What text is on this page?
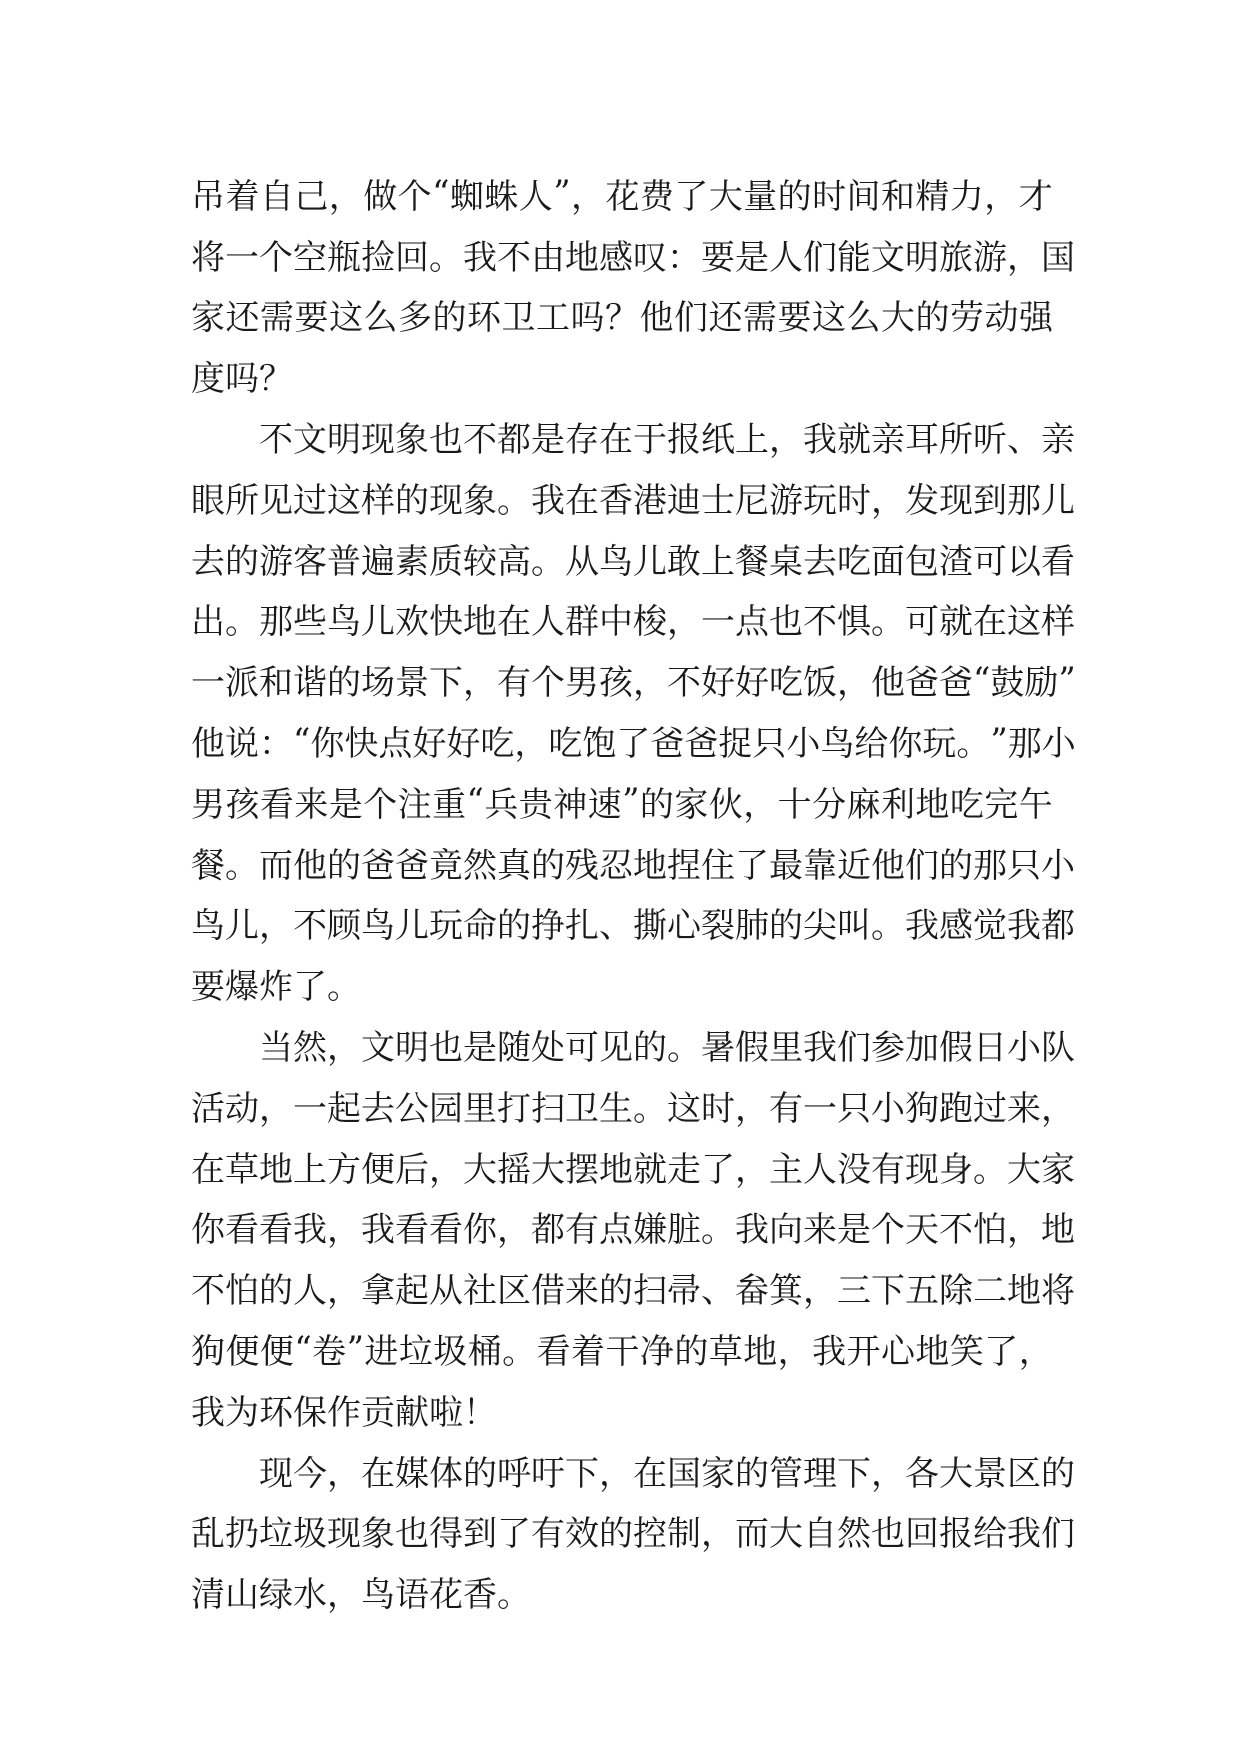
吊 着 自 己 ， 做 个 “ 蜘 蛛 人 ” ， 花 费 了 大 量 的 时 间 和 精 力 ， 才
将 一 个 空 瓶 捡 回 。 我 不 由 地 感 叹 ： 要 是 人 们 能 文 明 旅 游 ， 国
家 还 需 要 这 么 多 的 环 卫 工 吗 ？ 他 们 还 需 要 这 么 大 的 劳 动 强
度吗？
不 文 明 现 象 也 不 都 是 存 在 于 报 纸 上 ， 我 就 亲 耳 所 听 、 亲
眼 所 见 过 这 样 的 现 象 。 我 在 香 港 迪 士 尼 游 玩 时 ， 发 现 到 那 儿
去 的 游 客 普 遍 素 质 较 高 。 从 鸟 儿 敢 上 餐 桌 去 吃 面 包 渣 可 以 看
出 。 那 些 鸟 儿 欢 快 地 在 人 群 中 梭 ， 一 点 也 不 惧 。 可 就 在 这 样
一 派 和 谐 的 场 景 下 ， 有 个 男 孩 ， 不 好 好 吃 饭 ， 他 爸 爸 “ 鼓 励 ”
他 说 ： “ 你 快 点 好 好 吃 ， 吃 饱 了 爸 爸 捉 只 小 鸟 给 你 玩 。 ” 那 小
男 孩 看 来 是 个 注 重 “ 兵 贵 神 速 ” 的 家 伙 ， 十 分 麻 利 地 吃 完 午
餐 。 而 他 的 爸 爸 竟 然 真 的 残 忍 地 捏 住 了 最 靠 近 他 们 的 那 只 小
鸟 儿 ， 不 顾 鸟 儿 玩 命 的 挣 扎 、 撕 心 裂 肺 的 尖 叫 。 我 感 觉 我 都
要爆炸了。
当 然 ， 文 明 也 是 随 处 可 见 的 。 暑 假 里 我 们 参 加 假 日 小 队
活 动 ， 一 起 去 公 园 里 打 扫 卫 生 。 这 时 ， 有 一 只 小 狗 跑 过 来 ，
在 草 地 上 方 便 后 ， 大 摇 大 摆 地 就 走 了 ， 主 人 没 有 现 身 。 大 家
你 看 看 我 ， 我 看 看 你 ， 都 有 点 嫌 脏 。 我 向 来 是 个 天 不 怕 ， 地
不 怕 的 人 ， 拿 起 从 社 区 借 来 的 扫 帚 、 畚 箕 ， 三 下 五 除 二 地 将
狗 便 便 “ 卷 ” 进 垃 圾 桶 。 看 着 干 净 的 草 地 ， 我 开 心 地 笑 了 ，
我为环保作贡献啦！
现 今 ， 在 媒 体 的 呼 吁 下 ， 在 国 家 的 管 理 下 ， 各 大 景 区 的
乱 扔 垃 圾 现 象 也 得 到 了 有 效 的 控 制 ， 而 大 自 然 也 回 报 给 我 们
清山绿水，鸟语花香。
